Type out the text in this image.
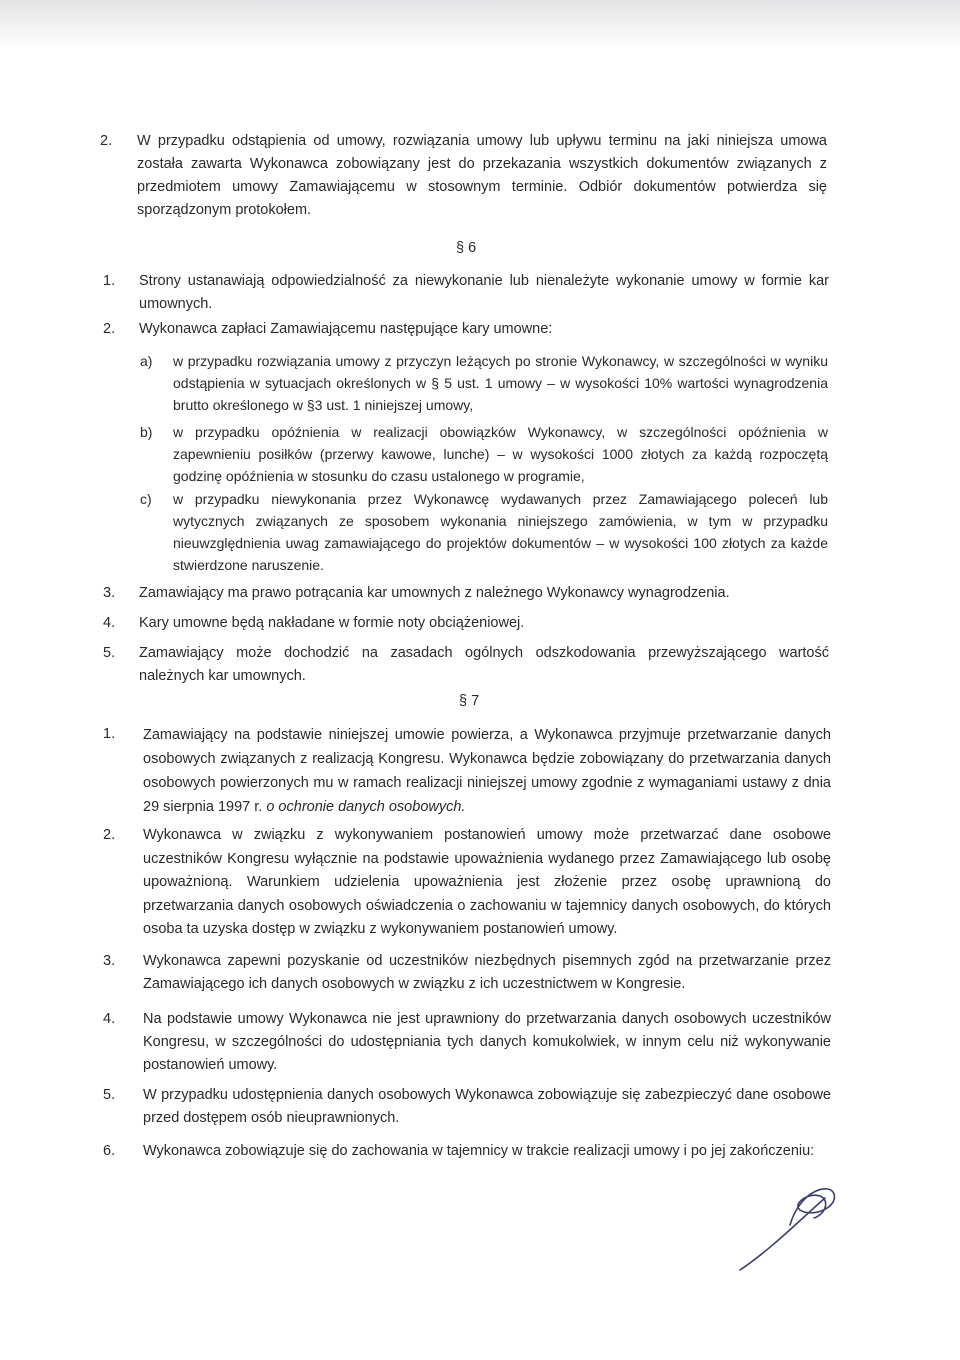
2. W przypadku odstąpienia od umowy, rozwiązania umowy lub upływu terminu na jaki niniejsza umowa została zawarta Wykonawca zobowiązany jest do przekazania wszystkich dokumentów związanych z przedmiotem umowy Zamawiającemu w stosownym terminie. Odbiór dokumentów potwierdza się sporządzonym protokołem.
§ 6
1. Strony ustanawiają odpowiedzialność za niewykonanie lub nienależyte wykonanie umowy w formie kar umownych.
2. Wykonawca zapłaci Zamawiającemu następujące kary umowne:
a) w przypadku rozwiązania umowy z przyczyn leżących po stronie Wykonawcy, w szczególności w wyniku odstąpienia w sytuacjach określonych w § 5 ust. 1 umowy – w wysokości 10% wartości wynagrodzenia brutto określonego w §3 ust. 1 niniejszej umowy,
b) w przypadku opóźnienia w realizacji obowiązków Wykonawcy, w szczególności opóźnienia w zapewnieniu posiłków (przerwy kawowe, lunche) – w wysokości 1000 złotych za każdą rozpoczętą godzinę opóźnienia w stosunku do czasu ustalonego w programie,
c) w przypadku niewykonania przez Wykonawcę wydawanych przez Zamawiającego poleceń lub wytycznych związanych ze sposobem wykonania niniejszego zamówienia, w tym w przypadku nieuwzględnienia uwag zamawiającego do projektów dokumentów – w wysokości 100 złotych za każde stwierdzone naruszenie.
3. Zamawiający ma prawo potrącania kar umownych z należnego Wykonawcy wynagrodzenia.
4. Kary umowne będą nakładane w formie noty obciążeniowej.
5. Zamawiający może dochodzić na zasadach ogólnych odszkodowania przewyższającego wartość należnych kar umownych.
§ 7
1. Zamawiający na podstawie niniejszej umowie powierza, a Wykonawca przyjmuje przetwarzanie danych osobowych związanych z realizacją Kongresu. Wykonawca będzie zobowiązany do przetwarzania danych osobowych powierzonych mu w ramach realizacji niniejszej umowy zgodnie z wymaganiami ustawy z dnia 29 sierpnia 1997 r. o ochronie danych osobowych.
2. Wykonawca w związku z wykonywaniem postanowień umowy może przetwarzać dane osobowe uczestników Kongresu wyłącznie na podstawie upoważnienia wydanego przez Zamawiającego lub osobę upoważnioną. Warunkiem udzielenia upoważnienia jest złożenie przez osobę uprawnioną do przetwarzania danych osobowych oświadczenia o zachowaniu w tajemnicy danych osobowych, do których osoba ta uzyska dostęp w związku z wykonywaniem postanowień umowy.
3. Wykonawca zapewni pozyskanie od uczestników niezbędnych pisemnych zgód na przetwarzanie przez Zamawiającego ich danych osobowych w związku z ich uczestnictwem w Kongresie.
4. Na podstawie umowy Wykonawca nie jest uprawniony do przetwarzania danych osobowych uczestników Kongresu, w szczególności do udostępniania tych danych komukolwiek, w innym celu niż wykonywanie postanowień umowy.
5. W przypadku udostępnienia danych osobowych Wykonawca zobowiązuje się zabezpieczyć dane osobowe przed dostępem osób nieuprawnionych.
6. Wykonawca zobowiązuje się do zachowania w tajemnicy w trakcie realizacji umowy i po jej zakończeniu:
